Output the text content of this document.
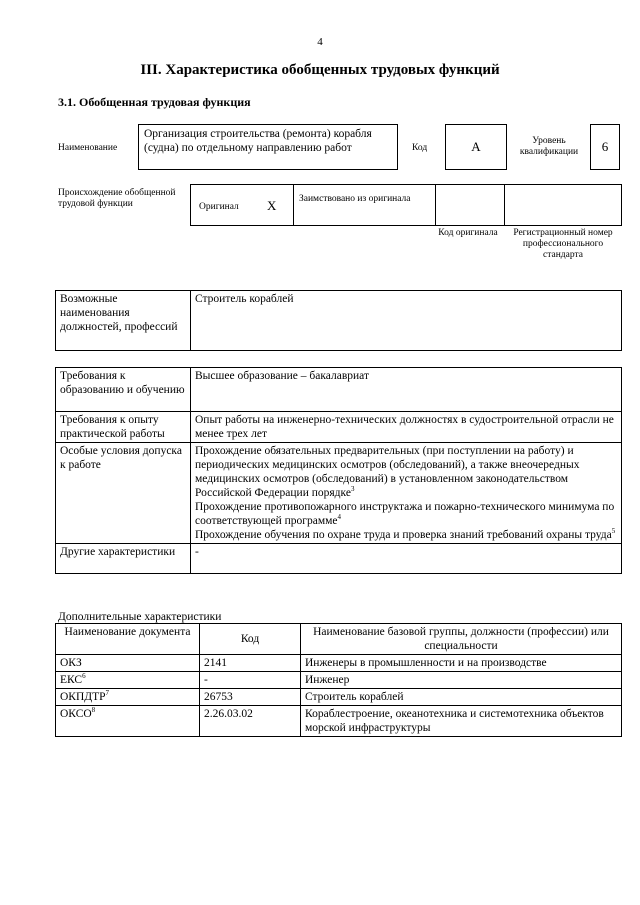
4
III. Характеристика обобщенных трудовых функций
3.1. Обобщенная трудовая функция
Наименование
Организация строительства (ремонта) корабля (судна) по отдельному направлению работ	Код	А	Уровень квалификации	6
Происхождение обобщенной трудовой функции	Оригинал X Заимствовано из оригинала
Код оригинала	Регистрационный номер профессионального стандарта
Возможные наименования должностей, профессий	Строитель кораблей
Требования к образованию и обучению	Высшее образование – бакалавриат
Требования к опыту практической работы	Опыт работы на инженерно-технических должностях в судостроительной отрасли не менее трех лет
Особые условия допуска к работе	Прохождение обязательных предварительных (при поступлении на работу) и периодических медицинских осмотров (обследований), а также внеочередных медицинских осмотров (обследований) в установленном законодательством Российской Федерации порядке$^3$
Прохождение противопожарного инструктажа и пожарно-технического минимума по соответствующей программе$^4$
Прохождение обучения по охране труда и проверка знаний требований охраны труда$^5$

Другие характеристики	-
Дополнительные характеристики
Наименование документа	Код	Наименование базовой группы, должности (профессии) или специальности
ОКЗ	2141	Инженеры в промышленности и на производстве
ЕКС$^6$	-	Инженер
ОКПДТР$^7$	26753	Строитель кораблей
ОКСО$^8$	2.26.03.02	Кораблестроение, океанотехника и системотехника объектов морской инфраструктуры
